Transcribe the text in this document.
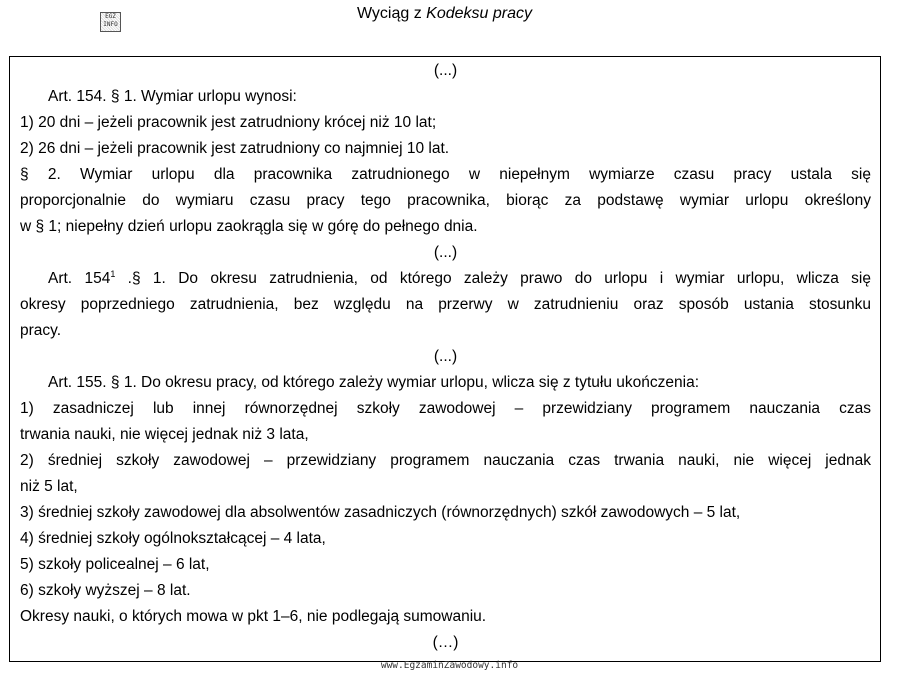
EGZ
INFO
Wyciąg z Kodeksu pracy
(...)
Art. 154. § 1. Wymiar urlopu wynosi:
1) 20 dni – jeżeli pracownik jest zatrudniony krócej niż 10 lat;
2) 26 dni – jeżeli pracownik jest zatrudniony co najmniej 10 lat.
§ 2. Wymiar urlopu dla pracownika zatrudnionego w niepełnym wymiarze czasu pracy ustala się
proporcjonalnie do wymiaru czasu pracy tego pracownika, biorąc za podstawę wymiar urlopu określony
w § 1; niepełny dzień urlopu zaokrągla się w górę do pełnego dnia.
(...)
Art. $154^1$ .§ 1. Do okresu zatrudnienia, od którego zależy prawo do urlopu i wymiar urlopu, wlicza się
okresy poprzedniego zatrudnienia, bez względu na przerwy w zatrudnieniu oraz sposób ustania stosunku
pracy.
(...)
Art. 155. § 1. Do okresu pracy, od którego zależy wymiar urlopu, wlicza się z tytułu ukończenia:
1) zasadniczej lub innej równorzędnej szkoły zawodowej – przewidziany programem nauczania czas
trwania nauki, nie więcej jednak niż 3 lata,
2) średniej szkoły zawodowej – przewidziany programem nauczania czas trwania nauki, nie więcej jednak
niż 5 lat,
3) średniej szkoły zawodowej dla absolwentów zasadniczych (równorzędnych) szkół zawodowych – 5 lat,
4) średniej szkoły ogólnokształcącej – 4 lata,
5) szkoły policealnej – 6 lat,
6) szkoły wyższej – 8 lat.
Okresy nauki, o których mowa w pkt 1–6, nie podlegają sumowaniu.
(…)
www.EgzaminZawodowy.info
